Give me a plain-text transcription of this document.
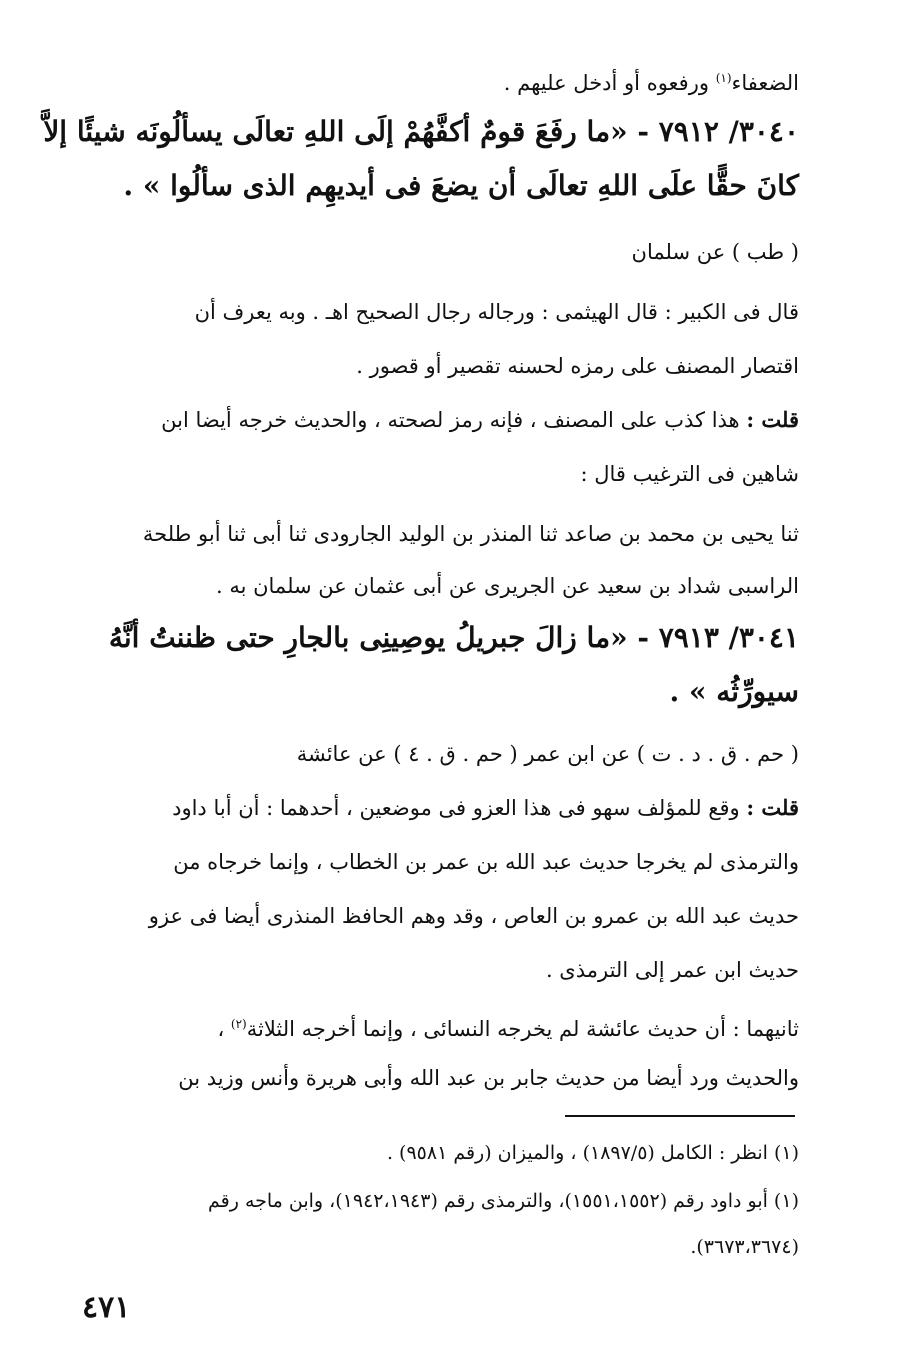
الضعفاء$^{(١)}$ ورفعوه أو أدخل عليهم .
٣٠٤٠/ ٧٩١٢ - «ما رفَعَ قومٌ أكفَّهُمْ إلَى اللهِ تعالَى يسألُونَه شيئًا إلاَّ
كانَ حقًّا علَى اللهِ تعالَى أن يضعَ فى أيديهِم الذى سألُوا » .
( طب ) عن سلمان
قال فى الكبير : قال الهيثمى : ورجاله رجال الصحيح اهـ . وبه يعرف أن
اقتصار المصنف على رمزه لحسنه تقصير أو قصور .
قلت : هذا كذب على المصنف ، فإنه رمز لصحته ، والحديث خرجه أيضا ابن
شاهين فى الترغيب قال :
ثنا يحيى بن محمد بن صاعد ثنا المنذر بن الوليد الجارودى ثنا أبى ثنا أبو طلحة
الراسبى شداد بن سعيد عن الجريرى عن أبى عثمان عن سلمان به .
٣٠٤١/ ٧٩١٣ - «ما زالَ جبريلُ يوصِينِى بالجارِ حتى ظننتُ أنَّهُ
سيورِّثُه » .
( حم . ق . د . ت ) عن ابن عمر ( حم . ق . ٤ ) عن عائشة
قلت : وقع للمؤلف سهو فى هذا العزو فى موضعين ، أحدهما : أن أبا داود
والترمذى لم يخرجا حديث عبد الله بن عمر بن الخطاب ، وإنما خرجاه من
حديث عبد الله بن عمرو بن العاص ، وقد وهم الحافظ المنذرى أيضا فى عزو
حديث ابن عمر إلى الترمذى .
ثانيهما : أن حديث عائشة لم يخرجه النسائى ، وإنما أخرجه الثلاثة$^{(٢)}$ ،
والحديث ورد أيضا من حديث جابر بن عبد الله وأبى هريرة وأنس وزيد بن
(١) انظر : الكامل (١٨٩٧/٥) ، والميزان (رقم ٩٥٨١) .
(١) أبو داود رقم (١٥٥١،١٥٥٢)، والترمذى رقم (١٩٤٢،١٩٤٣)، وابن ماجه رقم
(٣٦٧٣،٣٦٧٤).
٤٧١
